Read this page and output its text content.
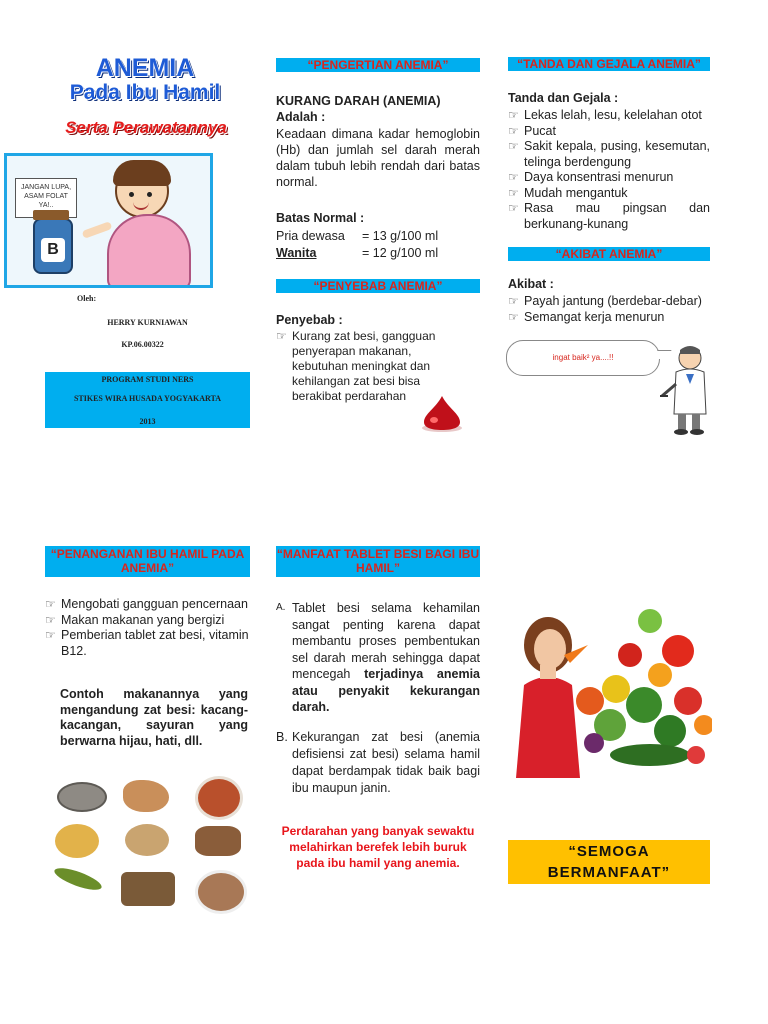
ANEMIA
Pada Ibu Hamil
Serta Perawatannya
JANGAN LUPA, ASAM FOLAT YA!..
B
Oleh:
HERRY KURNIAWAN
KP.06.00322
PROGRAM STUDI NERS
STIKES WIRA HUSADA YOGYAKARTA
2013
“PENGERTIAN ANEMIA”
KURANG DARAH (ANEMIA)
Adalah :
Keadaan dimana kadar hemoglobin (Hb) dan jumlah sel darah merah dalam tubuh lebih rendah dari batas normal.
Batas Normal :
Pria dewasa = 13 g/100 ml
Wanita	= 12 g/100 ml
“PENYEBAB ANEMIA”
Penyebab :
☞ Kurang zat besi, gangguan penyerapan makanan, kebutuhan meningkat dan kehilangan zat besi bisa berakibat perdarahan
“TANDA DAN GEJALA ANEMIA”
Tanda dan Gejala :
☞ Lekas lelah, lesu, kelelahan otot
☞ Pucat
☞ Sakit kepala, pusing, kesemutan, telinga berdengung
☞ Daya konsentrasi menurun
☞ Mudah mengantuk
☞ Rasa mau pingsan dan berkunang-kunang
“AKIBAT ANEMIA”
Akibat :
☞ Payah jantung (berdebar-debar)
☞ Semangat kerja menurun
ingat baik² ya....!!
“PENANGANAN IBU HAMIL PADA ANEMIA”
☞ Mengobati gangguan pencernaan
☞ Makan makanan yang bergizi
☞ Pemberian tablet zat besi, vitamin B12.
Contoh makanannya yang mengandung zat besi: kacang-kacangan, sayuran yang berwarna hijau, hati, dll.
“MANFAAT TABLET BESI BAGI IBU HAMIL”
A. Tablet besi selama kehamilan sangat penting karena dapat membantu proses pembentukan sel darah merah sehingga dapat mencegah terjadinya anemia atau penyakit kekurangan darah.
B. Kekurangan zat besi (anemia defisiensi zat besi) selama hamil dapat berdampak tidak baik bagi ibu maupun janin.
Perdarahan yang banyak sewaktu melahirkan berefek lebih buruk pada ibu hamil yang anemia.
“SEMOGA BERMANFAAT”
